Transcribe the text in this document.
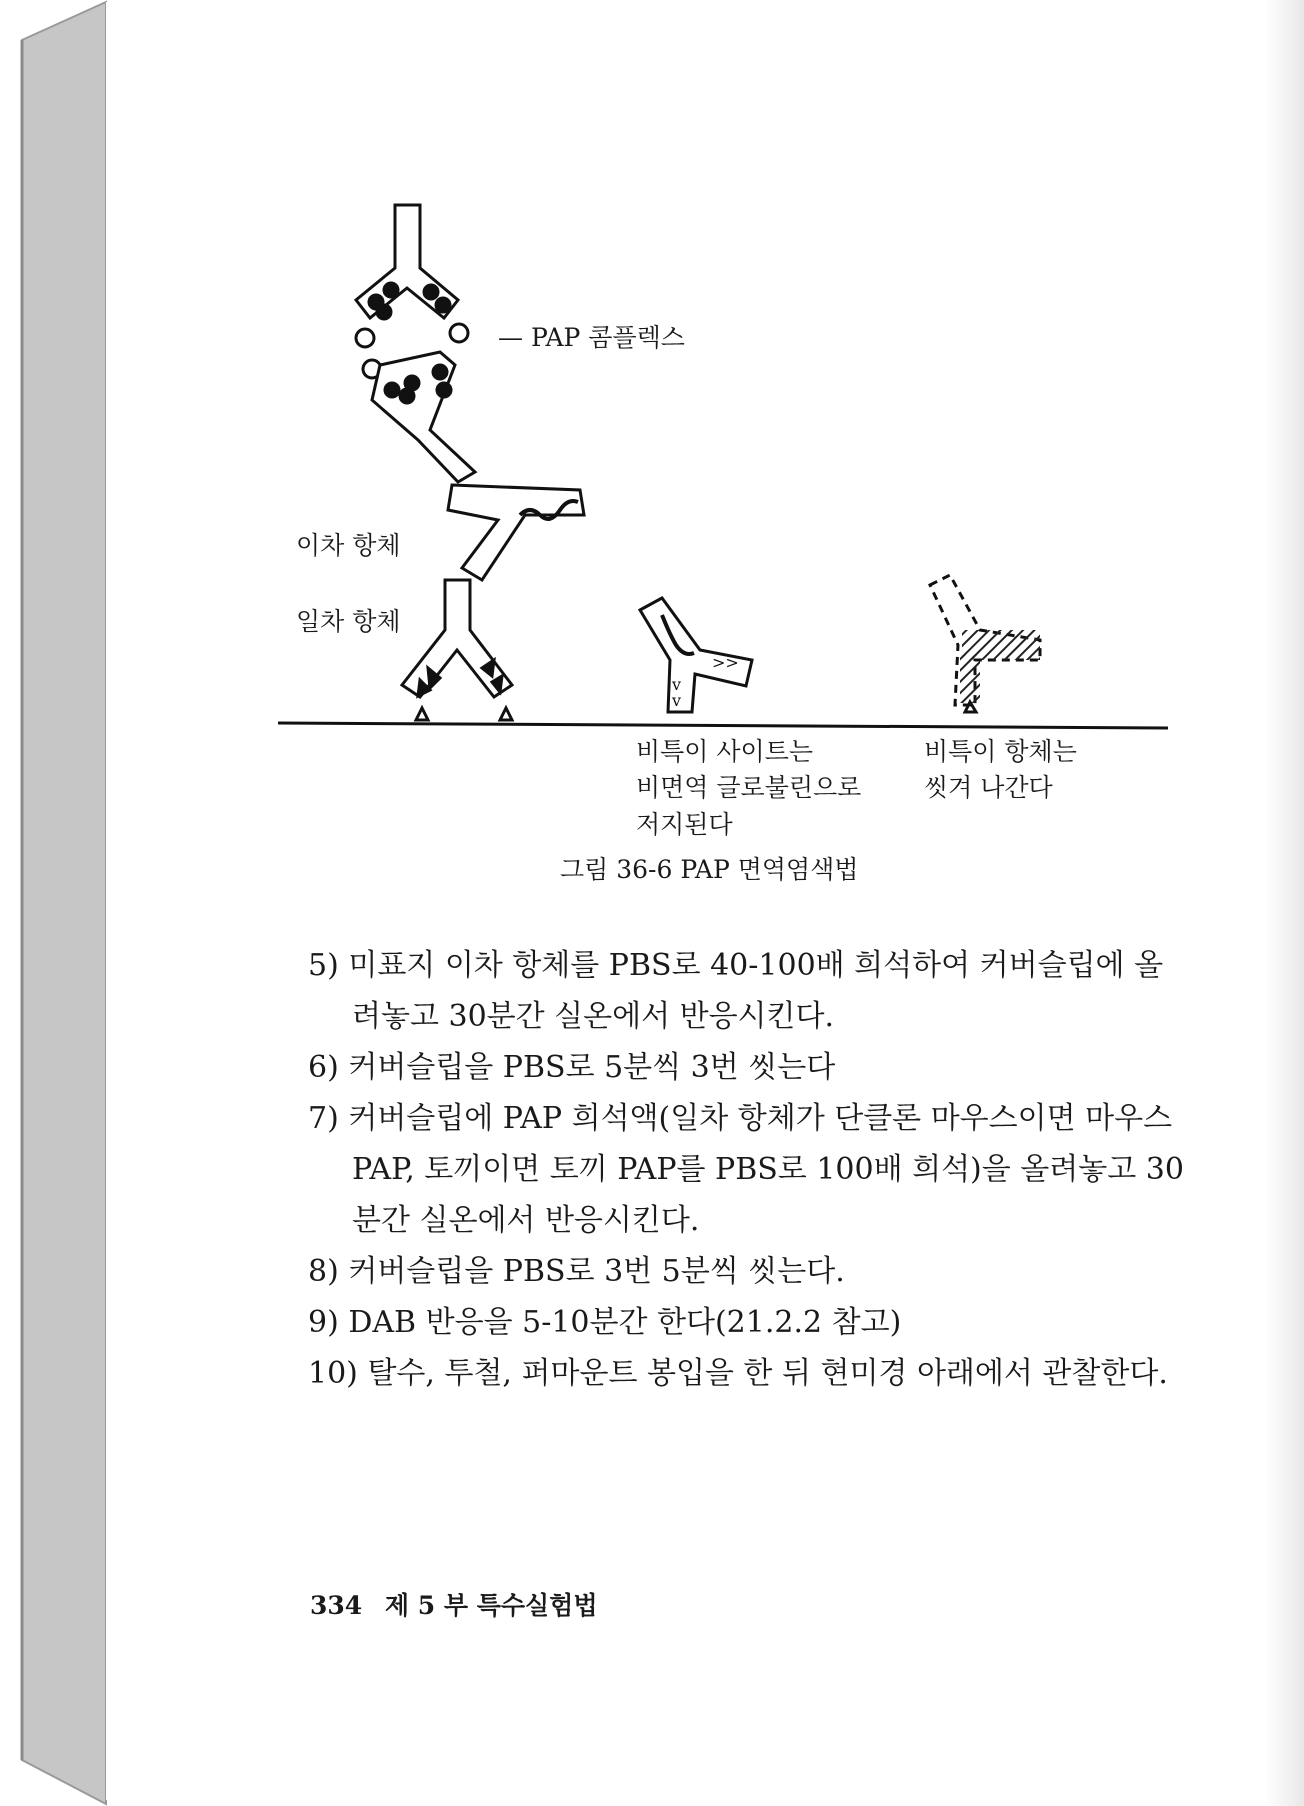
v
v
>>
— PAP 콤플렉스
이차 항체
일차 항체
비특이 사이트는
비면역 글로불린으로
저지된다
비특이 항체는
씻겨 나간다
그림 36-6 PAP 면역염색법

5) 미표지 이차 항체를 PBS로 40-100배 희석하여 커버슬립에 올려놓고 30분간 실온에서 반응시킨다.

6) 커버슬립을 PBS로 5분씩 3번 씻는다

7) 커버슬립에 PAP 희석액(일차 항체가 단클론 마우스이면 마우스 PAP, 토끼이면 토끼 PAP를 PBS로 100배 희석)을 올려놓고 30분간 실온에서 반응시킨다.

8) 커버슬립을 PBS로 3번 5분씩 씻는다.

9) DAB 반응을 5-10분간 한다(21.2.2 참고)

10) 탈수, 투철, 퍼마운트 봉입을 한 뒤 현미경 아래에서 관찰한다.

334 제 5 부 특수실험법
